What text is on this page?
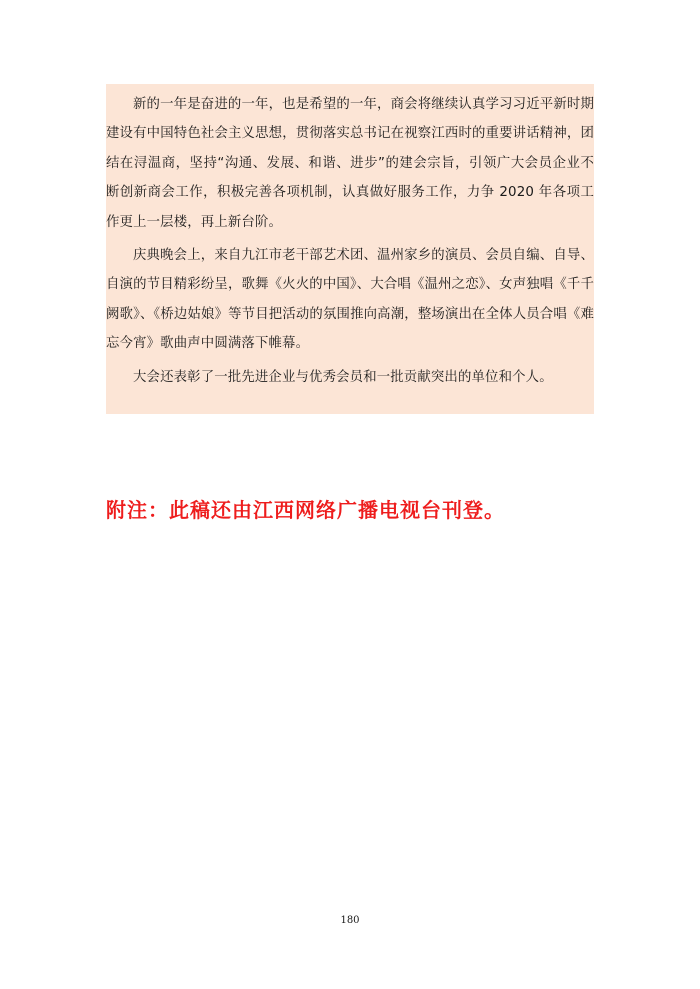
新的一年是奋进的一年，也是希望的一年，商会将继续认真学习习近平新时期建设有中国特色社会主义思想，贯彻落实总书记在视察江西时的重要讲话精神，团结在浔温商，坚持“沟通、发展、和谐、进步”的建会宗旨，引领广大会员企业不断创新商会工作，积极完善各项机制，认真做好服务工作，力争 2020 年各项工作更上一层楼，再上新台阶。

庆典晚会上，来自九江市老干部艺术团、温州家乡的演员、会员自编、自导、自演的节目精彩纷呈，歌舞《火火的中国》、大合唱《温州之恋》、女声独唱《千千阙歌》、《桥边姑娘》等节目把活动的氛围推向高潮，整场演出在全体人员合唱《难忘今宵》歌曲声中圆满落下帷幕。

大会还表彰了一批先进企业与优秀会员和一批贡献突出的单位和个人。

附注：此稿还由江西网络广播电视台刊登。
180
